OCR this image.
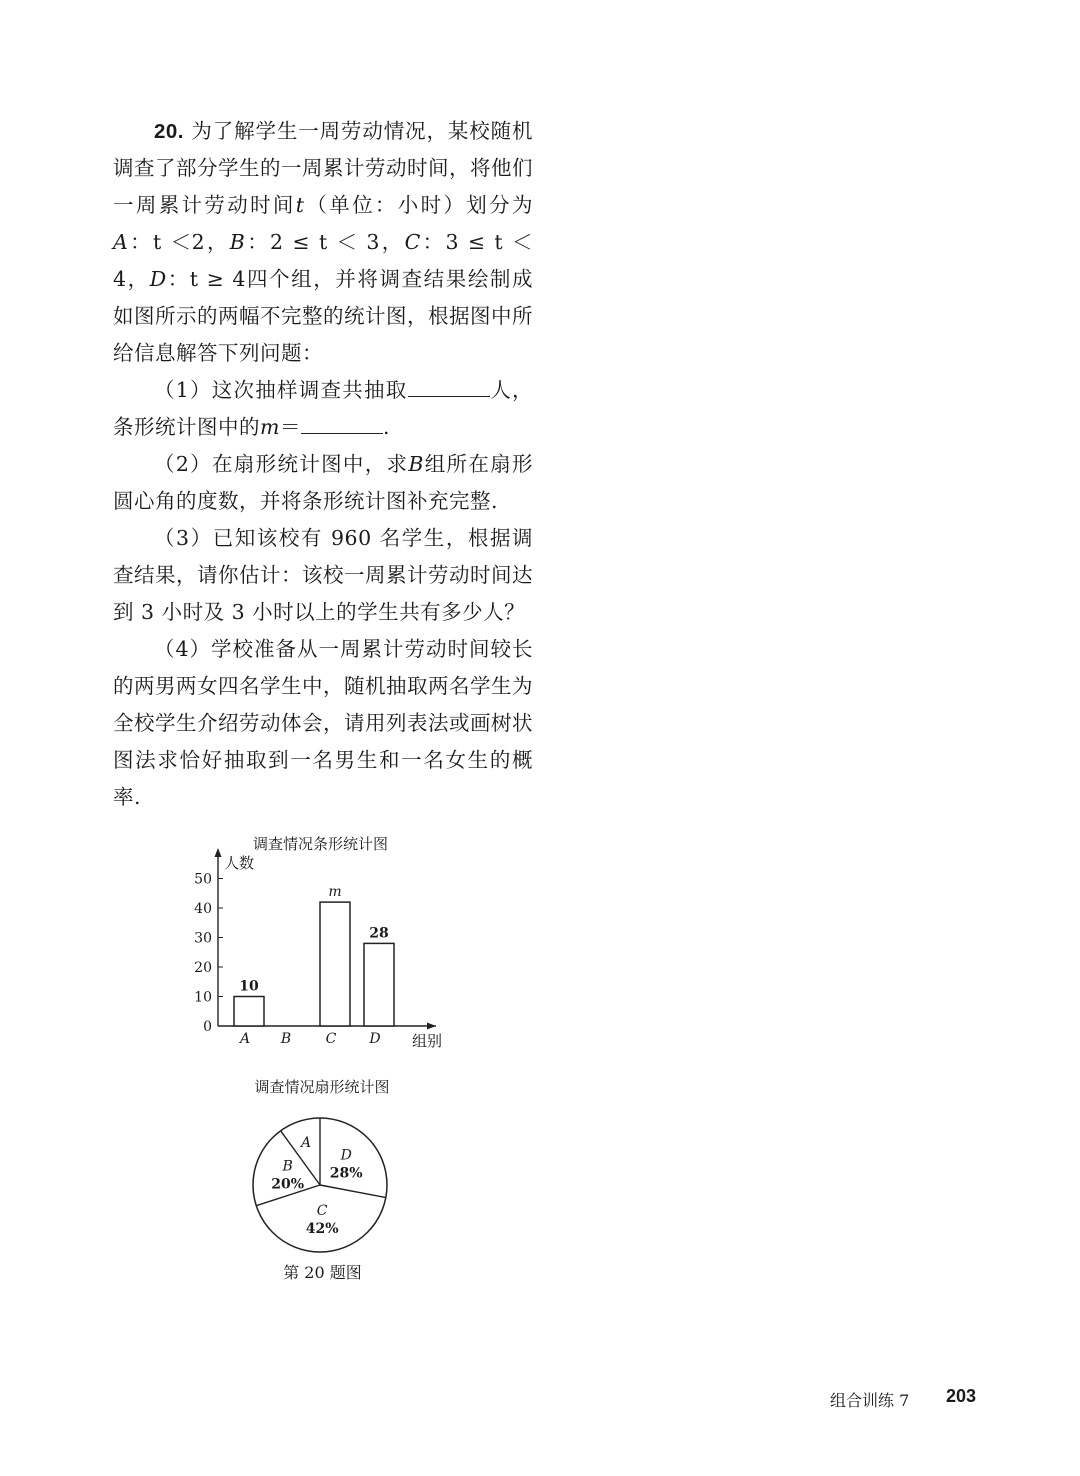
20. 为了解学生一周劳动情况，某校随机调查了部分学生的一周累计劳动时间，将他们一周累计劳动时间t（单位：小时）划分为A：t ＜2，B：2 ≤ t ＜ 3，C：3 ≤ t ＜ 4，D：t ≥ 4四个组，并将调查结果绘制成如图所示的两幅不完整的统计图，根据图中所给信息解答下列问题：

（1）这次抽样调查共抽取	人，条形统计图中的m＝	.

（2）在扇形统计图中，求B组所在扇形圆心角的度数，并将条形统计图补充完整.

（3）已知该校有 960 名学生，根据调查结果，请你估计：该校一周累计劳动时间达到 3 小时及 3 小时以上的学生共有多少人？

（4）学校准备从一周累计劳动时间较长的两男两女四名学生中，随机抽取两名学生为全校学生介绍劳动体会，请用列表法或画树状图法求恰好抽取到一名男生和一名女生的概率.

调查情况条形统计图
人数
组别
0
10
20
30
40
50
A B C D
10
m
28
调查情况扇形统计图
A
D
28%
C
42%
B
20%
第 20 题图
组合训练 7 203
